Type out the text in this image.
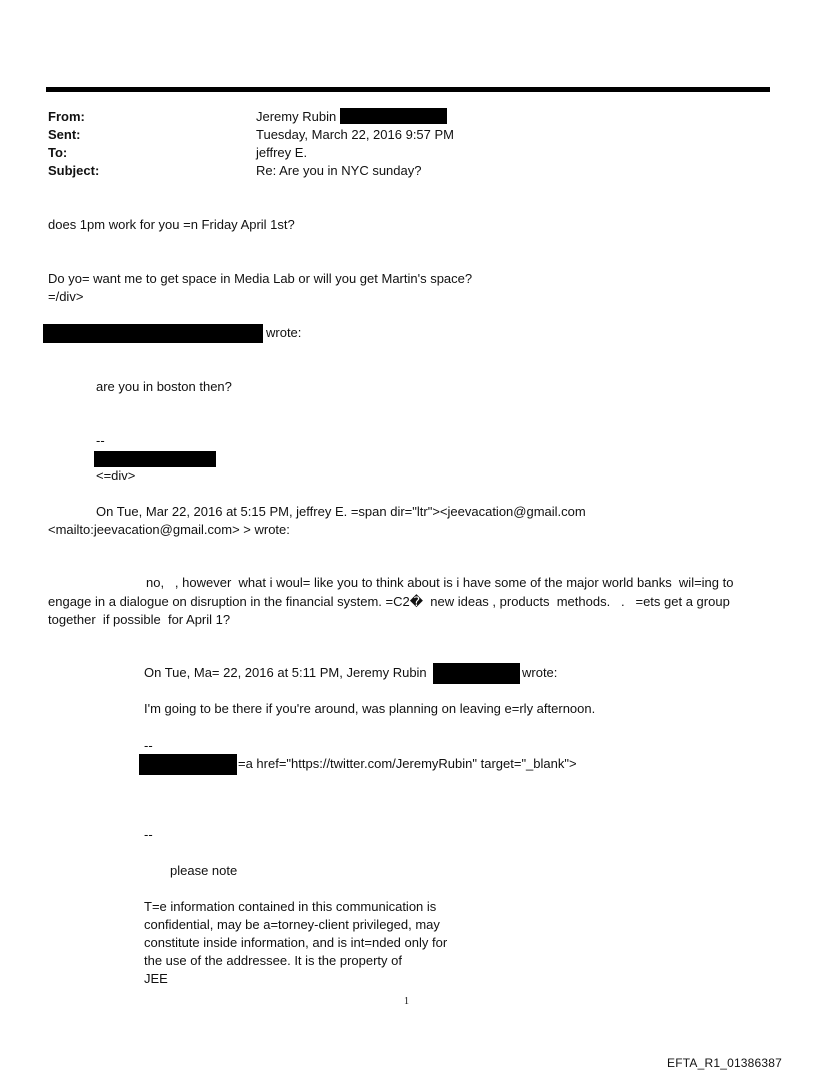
From:	Jeremy Rubin
Sent:	Tuesday, March 22, 2016 9:57 PM
To:	jeffrey E.
Subject:	Re: Are you in NYC sunday?
does 1pm work for you =n Friday April 1st?
Do yo= want me to get space in Media Lab or will you get Martin's space?
=/div>
wrote:
are you in boston then?
--
<=div>
On Tue, Mar 22, 2016 at 5:15 PM, jeffrey E. =span dir="ltr"><jeevacation@gmail.com
<mailto:jeevacation@gmail.com> > wrote:
no,   , however  what i woul= like you to think about is i have some of the major world banks  wil=ing to
engage in a dialogue on disruption in the financial system. =C2�  new ideas , products  methods.   .   =ets get a group
together  if possible  for April 1?
On Tue, Ma= 22, 2016 at 5:11 PM, Jeremy Rubin	wrote:
I'm going to be there if you're around, was planning on leaving e=rly afternoon.
--
=a href="https://twitter.com/JeremyRubin" target="_blank">
--
please note
T=e information contained in this communication is
confidential, may be a=torney-client privileged, may
constitute inside information, and is int=nded only for
the use of the addressee. It is the property of
JEE
1
EFTA_R1_01386387
